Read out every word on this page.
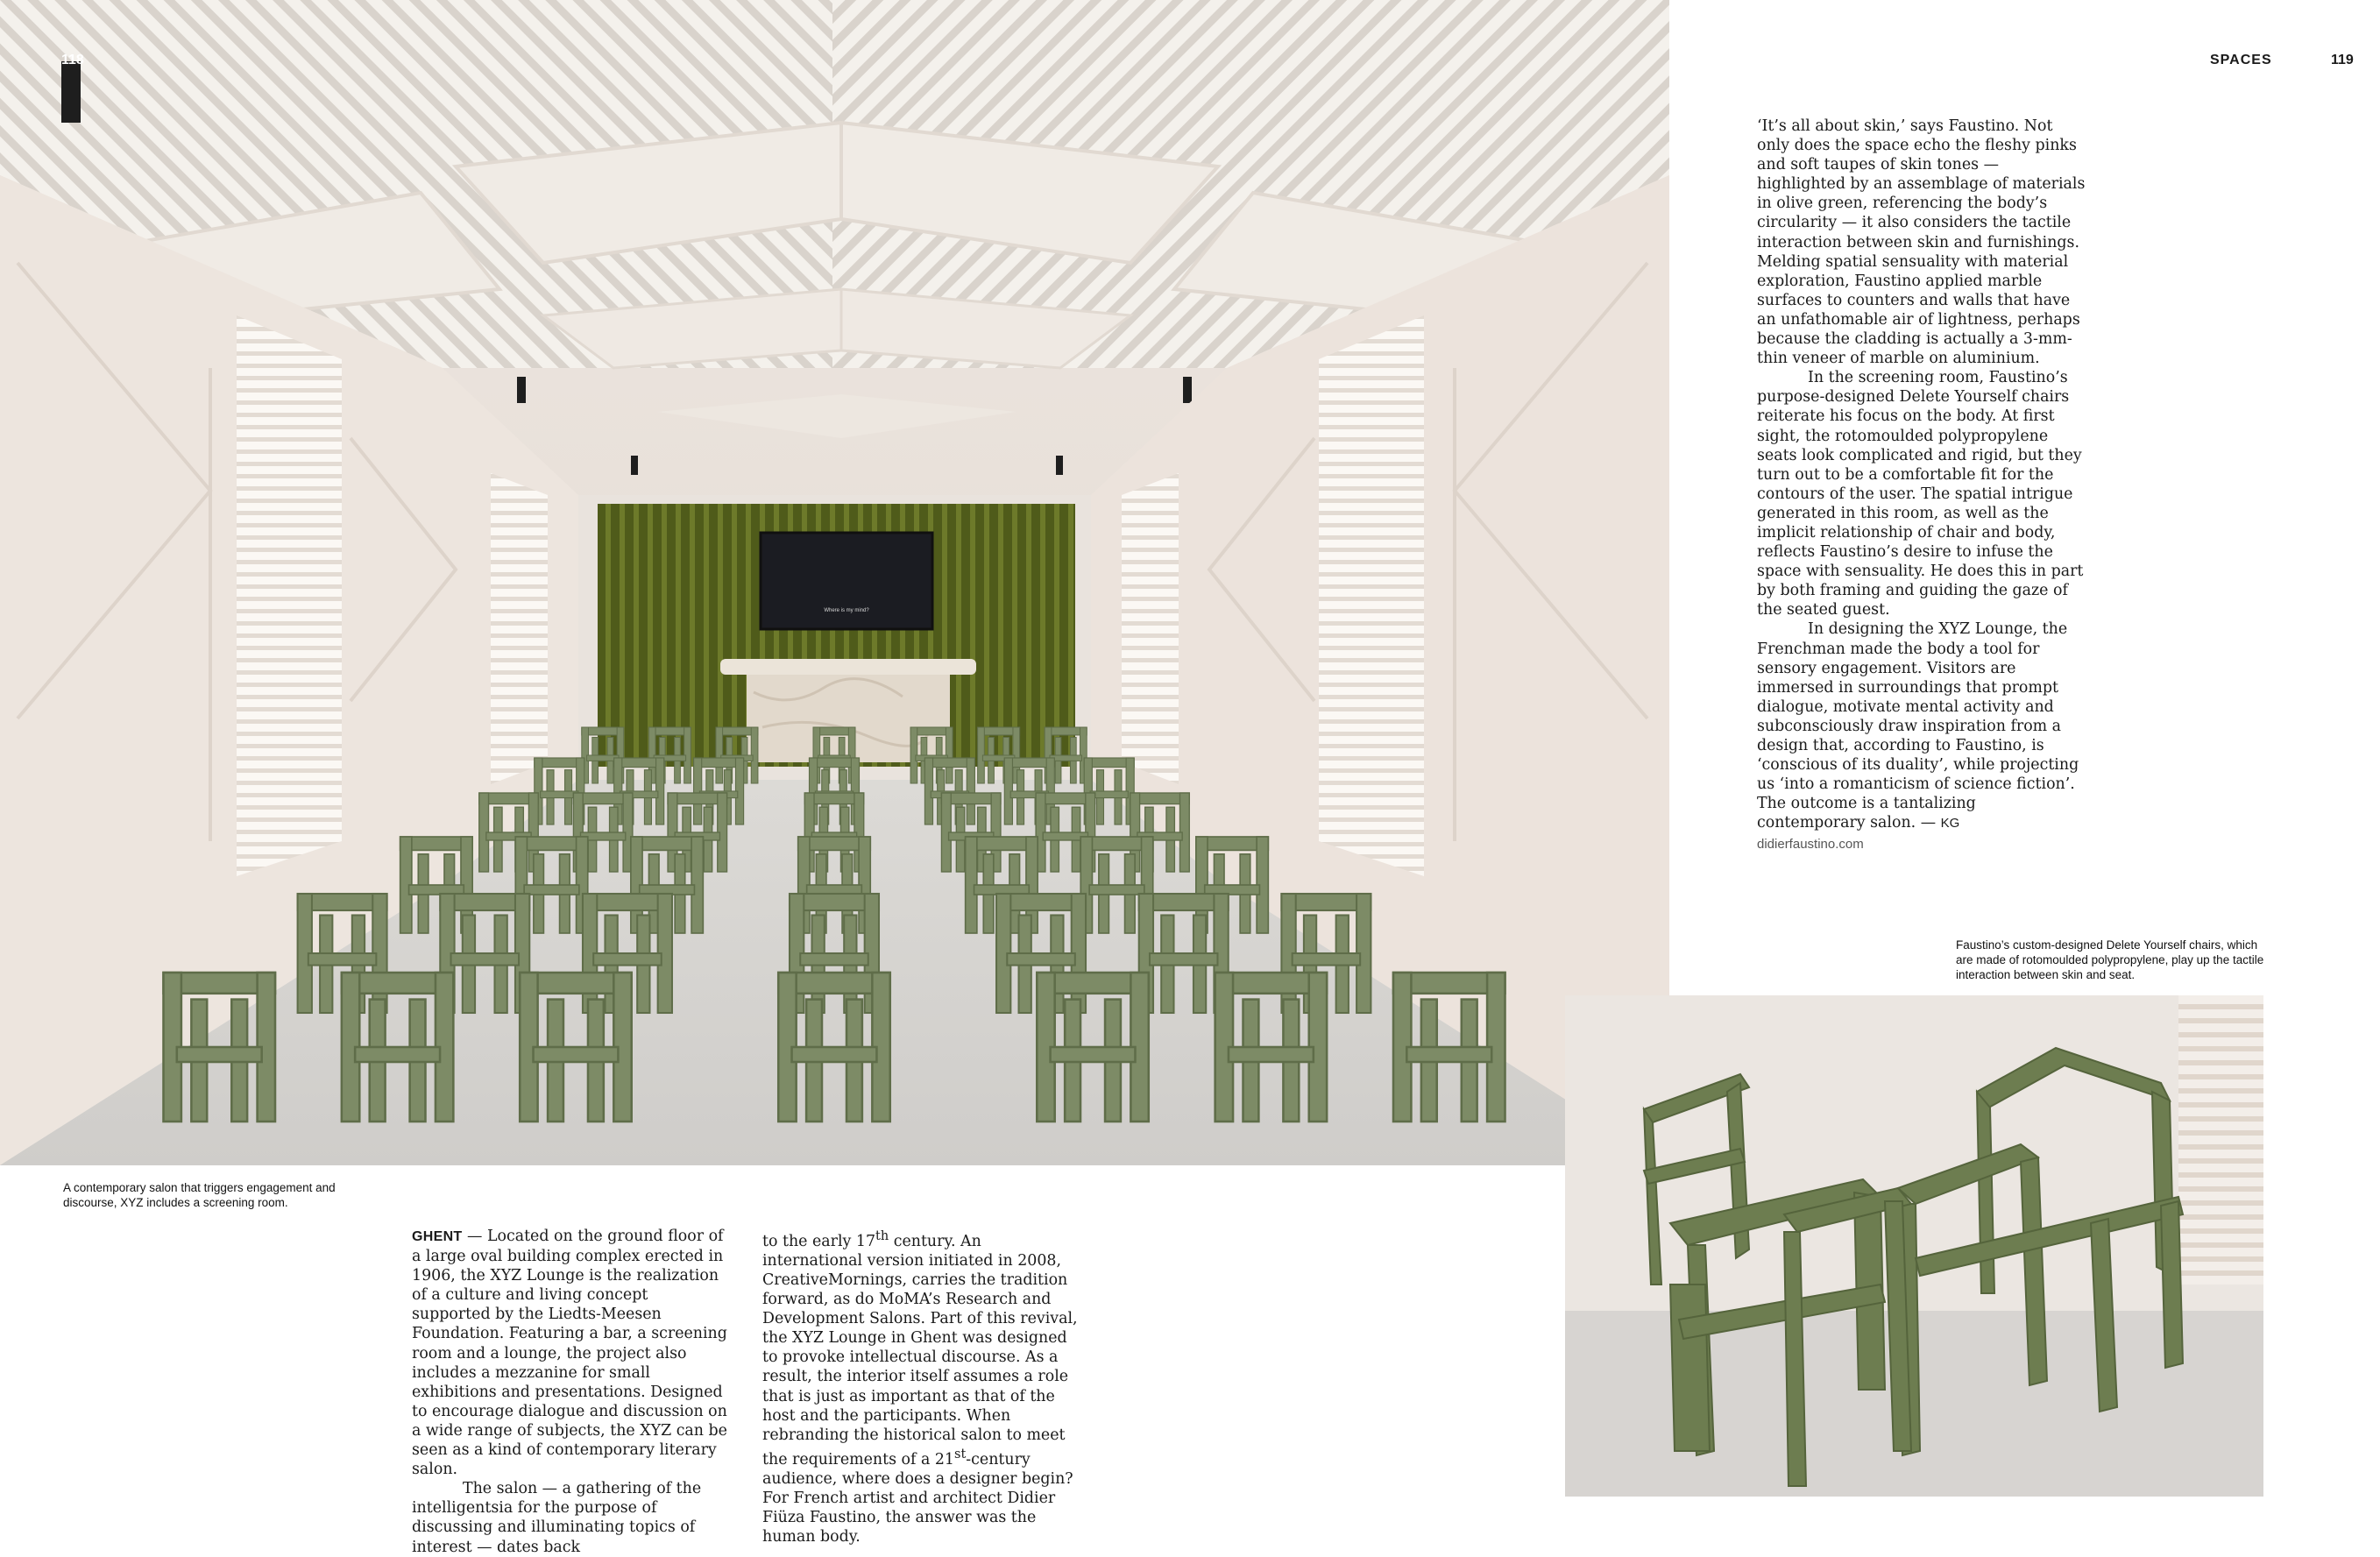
118	SPACES	119
Where is my mind?
A contemporary salon that triggers engagement and discourse, XYZ includes a screening room.
Faustino’s custom-designed Delete Yourself chairs, which are made of rotomoulded polypropylene, play up the tactile interaction between skin and seat.

GHENT — Located on the ground floor of a large oval building complex erected in 1906, the XYZ Lounge is the realization of a culture and living concept supported by the Liedts-Meesen Foundation. Featuring a bar, a screening room and a lounge, the project also includes a mezzanine for small exhibitions and presentations. Designed to encourage dialogue and discussion on a wide range of subjects, the XYZ can be seen as a kind of contemporary literary salon.

The salon — a gathering of the intelligentsia for the purpose of discussing and illuminating topics of interest — dates back

to the early 17th century. An international version initiated in 2008, CreativeMornings, carries the tradition forward, as do MoMA’s Research and Development Salons. Part of this revival, the XYZ Lounge in Ghent was designed to provoke intellectual discourse. As a result, the interior itself assumes a role that is just as important as that of the host and the participants. When rebranding the historical salon to meet the requirements of a 21st-century audience, where does a designer begin? For French artist and architect Didier Fiüza Faustino, the answer was the human body.

‘It’s all about skin,’ says Faustino. Not only does the space echo the fleshy pinks and soft taupes of skin tones — highlighted by an assemblage of materials in olive green, referencing the body’s circularity — it also considers the tactile interaction between skin and furnishings. Melding spatial sensuality with material exploration, Faustino applied marble surfaces to counters and walls that have an unfathomable air of lightness, perhaps because the cladding is actually a 3-mm-thin veneer of marble on aluminium.

In the screening room, Faustino’s purpose-designed Delete Yourself chairs reiterate his focus on the body. At first sight, the rotomoulded polypropylene seats look complicated and rigid, but they turn out to be a comfortable fit for the contours of the user. The spatial intrigue generated in this room, as well as the implicit relationship of chair and body, reflects Faustino’s desire to infuse the space with sensuality. He does this in part by both framing and guiding the gaze of the seated guest.

In designing the XYZ Lounge, the Frenchman made the body a tool for sensory engagement. Visitors are immersed in surroundings that prompt dialogue, motivate mental activity and subconsciously draw inspiration from a design that, according to Faustino, is ‘conscious of its duality’, while projecting us ‘into a romanticism of science fiction’. The outcome is a tantalizing contemporary salon. — KG

didierfaustino.com
